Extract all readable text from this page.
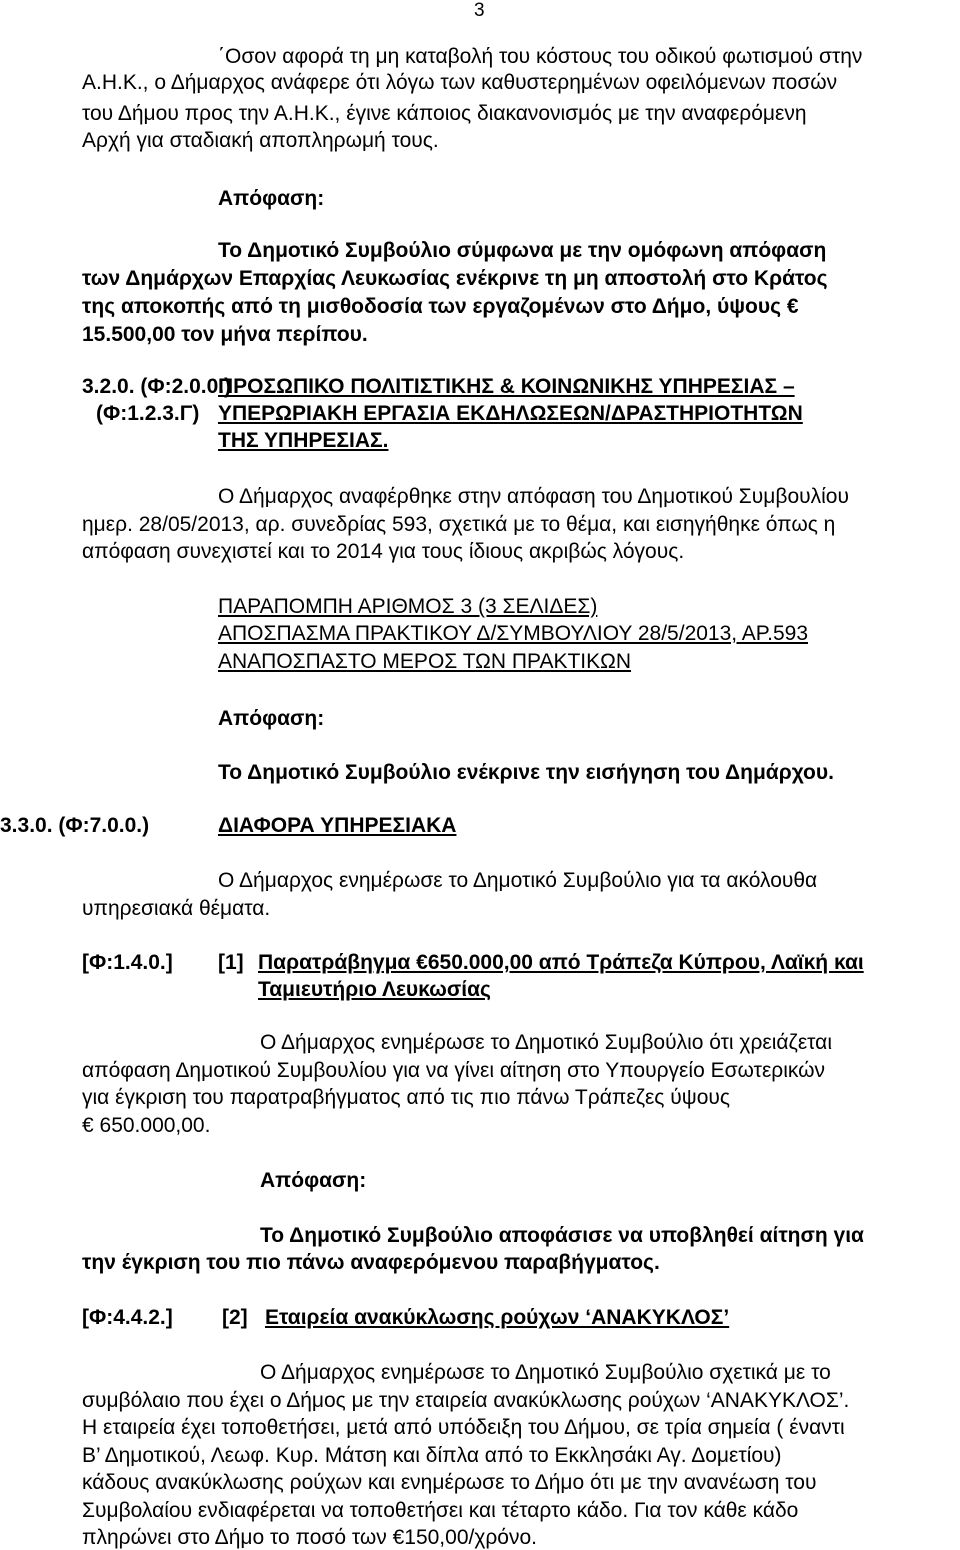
3
΄Οσον αφορά τη μη καταβολή του κόστους του οδικού φωτισμού στην
Α.Η.Κ., ο Δήμαρχος ανάφερε ότι λόγω των καθυστερημένων οφειλόμενων ποσών
του Δήμου προς την Α.Η.Κ., έγινε κάποιος διακανονισμός με την αναφερόμενη
Αρχή για σταδιακή αποπληρωμή τους.
Απόφαση:
Το Δημοτικό Συμβούλιο σύμφωνα με την ομόφωνη απόφαση
των Δημάρχων Επαρχίας Λευκωσίας ενέκρινε τη μη αποστολή στο Κράτος
της αποκοπής από τη μισθοδοσία των εργαζομένων στο Δήμο, ύψους €
15.500,00 τον μήνα περίπου.
3.2.0. (Φ:2.0.0.)
(Φ:1.2.3.Γ)
ΠΡΟΣΩΠΙΚΟ ΠΟΛΙΤΙΣΤΙΚΗΣ & ΚΟΙΝΩΝΙΚΗΣ ΥΠΗΡΕΣΙΑΣ –
ΥΠΕΡΩΡΙΑΚΗ ΕΡΓΑΣΙΑ ΕΚΔΗΛΩΣΕΩΝ/ΔΡΑΣΤΗΡΙΟΤΗΤΩΝ
ΤΗΣ ΥΠΗΡΕΣΙΑΣ.
Ο Δήμαρχος αναφέρθηκε στην απόφαση του Δημοτικού Συμβουλίου
ημερ. 28/05/2013, αρ. συνεδρίας 593, σχετικά με το θέμα, και εισηγήθηκε όπως η
απόφαση συνεχιστεί και το 2014 για τους ίδιους ακριβώς λόγους.
ΠΑΡΑΠΟΜΠΗ ΑΡΙΘΜΟΣ 3 (3 ΣΕΛΙΔΕΣ)
ΑΠΟΣΠΑΣΜΑ ΠΡΑΚΤΙΚΟΥ Δ/ΣΥΜΒΟΥΛΙΟΥ 28/5/2013, ΑΡ.593
ΑΝΑΠΟΣΠΑΣΤΟ ΜΕΡΟΣ ΤΩΝ ΠΡΑΚΤΙΚΩΝ
Απόφαση:
Το Δημοτικό Συμβούλιο ενέκρινε την εισήγηση του Δημάρχου.
3.3.0. (Φ:7.0.0.)	ΔΙΑΦΟΡΑ ΥΠΗΡΕΣΙΑΚΑ
Ο Δήμαρχος ενημέρωσε το Δημοτικό Συμβούλιο για τα ακόλουθα
υπηρεσιακά θέματα.
[Φ:1.4.0.] [1] Παρατράβηγμα €650.000,00 από Τράπεζα Κύπρου, Λαϊκή και
Ταμιευτήριο Λευκωσίας
Ο Δήμαρχος ενημέρωσε το Δημοτικό Συμβούλιο ότι χρειάζεται
απόφαση Δημοτικού Συμβουλίου για να γίνει αίτηση στο Υπουργείο Εσωτερικών
για έγκριση του παρατραβήγματος από τις πιο πάνω Τράπεζες ύψους
€ 650.000,00.
Απόφαση:
Το Δημοτικό Συμβούλιο αποφάσισε να υποβληθεί αίτηση για
την έγκριση του πιο πάνω αναφερόμενου παραβήγματος.
[Φ:4.4.2.] [2] Εταιρεία ανακύκλωσης ρούχων ‘ΑΝΑΚΥΚΛΟΣ’
Ο Δήμαρχος ενημέρωσε το Δημοτικό Συμβούλιο σχετικά με το
συμβόλαιο που έχει ο Δήμος με την εταιρεία ανακύκλωσης ρούχων ‘ΑΝΑΚΥΚΛΟΣ’.
Η εταιρεία έχει τοποθετήσει, μετά από υπόδειξη του Δήμου, σε τρία σημεία ( έναντι
Β’ Δημοτικού, Λεωφ. Κυρ. Μάτση και δίπλα από το Εκκλησάκι Αγ. Δομετίου)
κάδους ανακύκλωσης ρούχων και ενημέρωσε το Δήμο ότι με την ανανέωση του
Συμβολαίου ενδιαφέρεται να τοποθετήσει και τέταρτο κάδο. Για τον κάθε κάδο
πληρώνει στο Δήμο το ποσό των €150,00/χρόνο.
